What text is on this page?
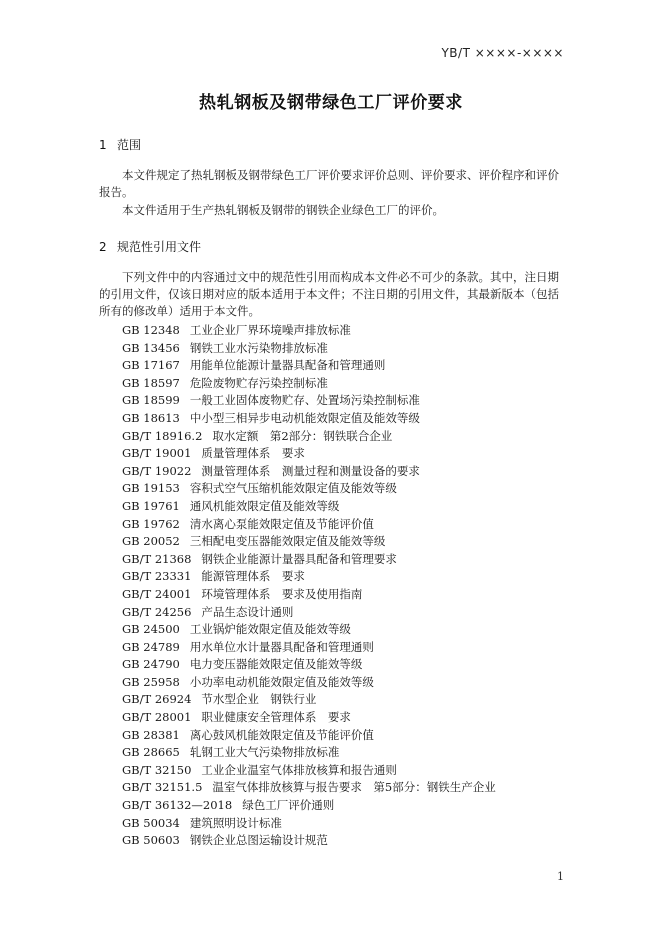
YB/T ××××-××××
热轧钢板及钢带绿色工厂评价要求
1 范围
本文件规定了热轧钢板及钢带绿色工厂评价要求评价总则、评价要求、评价程序和评价
报告。
本文件适用于生产热轧钢板及钢带的钢铁企业绿色工厂的评价。
2 规范性引用文件
下列文件中的内容通过文中的规范性引用而构成本文件必不可少的条款。其中，注日期
的引用文件，仅该日期对应的版本适用于本文件；不注日期的引用文件，其最新版本（包括
所有的修改单）适用于本文件。
GB 12348 工业企业厂界环境噪声排放标准
GB 13456 钢铁工业水污染物排放标准
GB 17167 用能单位能源计量器具配备和管理通则
GB 18597 危险废物贮存污染控制标准
GB 18599 一般工业固体废物贮存、处置场污染控制标准
GB 18613 中小型三相异步电动机能效限定值及能效等级
GB/T 18916.2 取水定额　第2部分：钢铁联合企业
GB/T 19001 质量管理体系　要求
GB/T 19022 测量管理体系　测量过程和测量设备的要求
GB 19153 容积式空气压缩机能效限定值及能效等级
GB 19761 通风机能效限定值及能效等级
GB 19762 清水离心泵能效限定值及节能评价值
GB 20052 三相配电变压器能效限定值及能效等级
GB/T 21368 钢铁企业能源计量器具配备和管理要求
GB/T 23331 能源管理体系　要求
GB/T 24001 环境管理体系　要求及使用指南
GB/T 24256 产品生态设计通则
GB 24500 工业锅炉能效限定值及能效等级
GB 24789 用水单位水计量器具配备和管理通则
GB 24790 电力变压器能效限定值及能效等级
GB 25958 小功率电动机能效限定值及能效等级
GB/T 26924 节水型企业　钢铁行业
GB/T 28001 职业健康安全管理体系　要求
GB 28381 离心鼓风机能效限定值及节能评价值
GB 28665 轧钢工业大气污染物排放标准
GB/T 32150 工业企业温室气体排放核算和报告通则
GB/T 32151.5 温室气体排放核算与报告要求　第5部分：钢铁生产企业
GB/T 36132—2018 绿色工厂评价通则
GB 50034 建筑照明设计标准
GB 50603 钢铁企业总图运输设计规范
1
